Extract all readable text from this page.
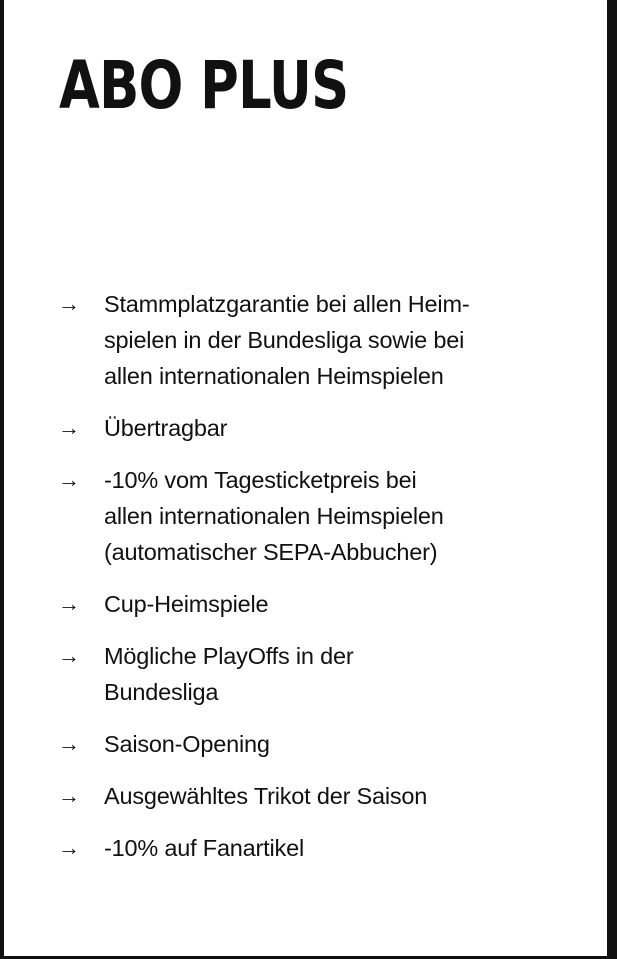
ABO PLUS
→ Stammplatzgarantie bei allen Heim-
spielen in der Bundesliga sowie bei
allen internationalen Heimspielen
→ Übertragbar
→ -10% vom Tagesticketpreis bei
allen internationalen Heimspielen
(automatischer SEPA-Abbucher)
→ Cup-Heimspiele
→ Mögliche PlayOffs in der
Bundesliga
→ Saison-Opening
→ Ausgewähltes Trikot der Saison
→ -10% auf Fanartikel
